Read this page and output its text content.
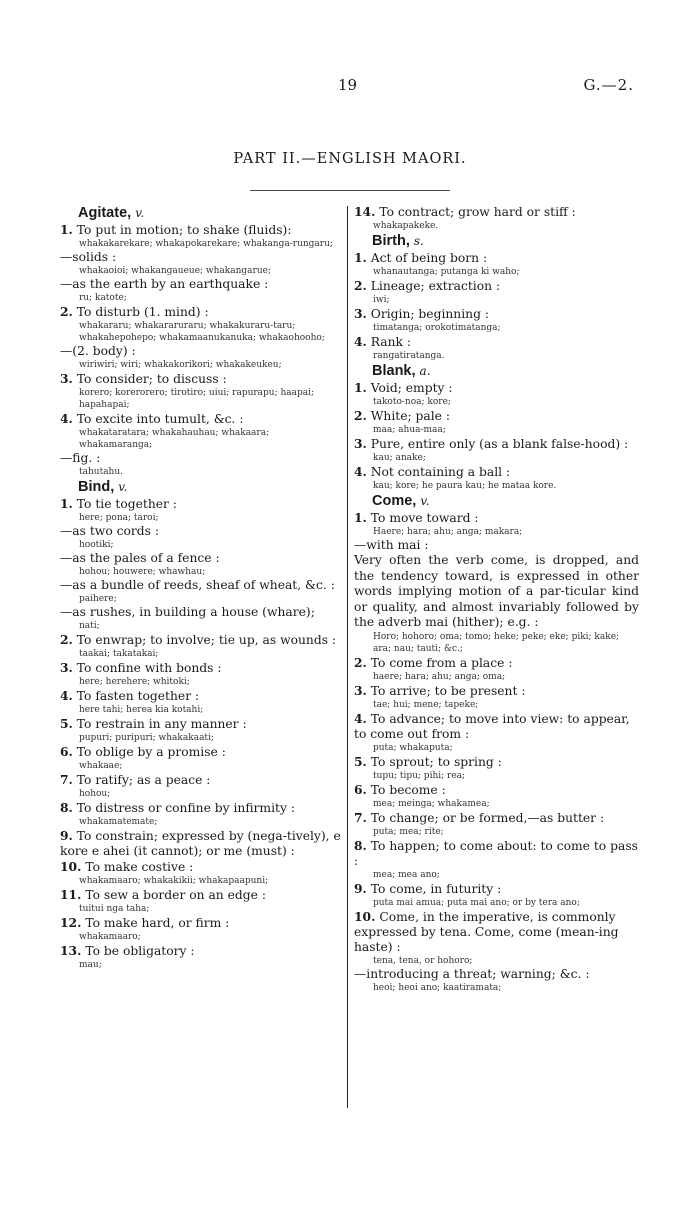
19	G.—2.
PART II.—ENGLISH MAORI.
Agitate, v.
1. To put in motion; to shake (fluids):
whakakarekare; whakapokarekare; whakanga-rungaru;
—solids :
whakaoioi; whakangaueue; whakangarue;
—as the earth by an earthquake :
ru; katote;
2. To disturb (1. mind) :
whakararu; whakararuraru; whakakuraru-taru; whakahepohepo; whakamaanukanuka; whakaohooho;
—(2. body) :
wiriwiri; wiri; whakakorikori; whakakeukeu;
3. To consider; to discuss :
korero; korerorero; tirotiro; uiui; rapurapu; haapai; hapahapai;
4. To excite into tumult, &c. :
whakataratara; whakahauhau; whakaara; whakamaranga;
—fig. :
tahutahu.
Bind, v.
1. To tie together :
here; pona; taroi;
—as two cords :
hootiki;
—as the pales of a fence :
hohou; houwere; whawhau;
—as a bundle of reeds, sheaf of wheat, &c. :
paihere;
—as rushes, in building a house (whare);
nati;
2. To enwrap; to involve; tie up, as wounds :
taakai; takatakai;
3. To confine with bonds :
here; herehere; whitoki;
4. To fasten together :
here tahi; herea kia kotahi;
5. To restrain in any manner :
pupuri; puripuri; whakakaati;
6. To oblige by a promise :
whakaae;
7. To ratify; as a peace :
hohou;
8. To distress or confine by infirmity :
whakamatemate;
9. To constrain; expressed by (nega-tively), e kore e ahei (it cannot); or me (must) :
10. To make costive :
whakamaaro; whakakikii; whakapaapuni;
11. To sew a border on an edge :
tuitui nga taha;
12. To make hard, or firm :
whakamaaro;
13. To be obligatory :
mau;
14. To contract; grow hard or stiff :
whakapakeke.
Birth, s.
1. Act of being born :
whanautanga; putanga ki waho;
2. Lineage; extraction :
iwi;
3. Origin; beginning :
timatanga; orokotimatanga;
4. Rank :
rangatiratanga.
Blank, a.
1. Void; empty :
takoto-noa; kore;
2. White; pale :
maa; ahua-maa;
3. Pure, entire only (as a blank false-hood) :
kau; anake;
4. Not containing a ball :
kau; kore; he paura kau; he mataa kore.
Come, v.
1. To move toward :
Haere; hara; ahu; anga; makara;
—with mai :
Very often the verb come, is dropped, and the tendency toward, is expressed in other words implying motion of a par-ticular kind or quality, and almost invariably followed by the adverb mai (hither); e.g. :
Horo; hohoro; oma; tomo; heke; peke; eke; piki; kake; ara; nau; tauti; &c.;
2. To come from a place :
haere; hara; ahu; anga; oma;
3. To arrive; to be present :
tae; hui; mene; tapeke;
4. To advance; to move into view: to appear, to come out from :
puta; whakaputa;
5. To sprout; to spring :
tupu; tipu; pihi; rea;
6. To become :
mea; meinga; whakamea;
7. To change; or be formed,—as butter :
puta; mea; rite;
8. To happen; to come about: to come to pass :
mea; mea ano;
9. To come, in futurity :
puta mai amua; puta mai ano; or by tera ano;
10. Come, in the imperative, is commonly expressed by tena. Come, come (mean-ing haste) :
tena, tena, or hohoro;
—introducing a threat; warning; &c. :
heoi; heoi ano; kaatiramata;
